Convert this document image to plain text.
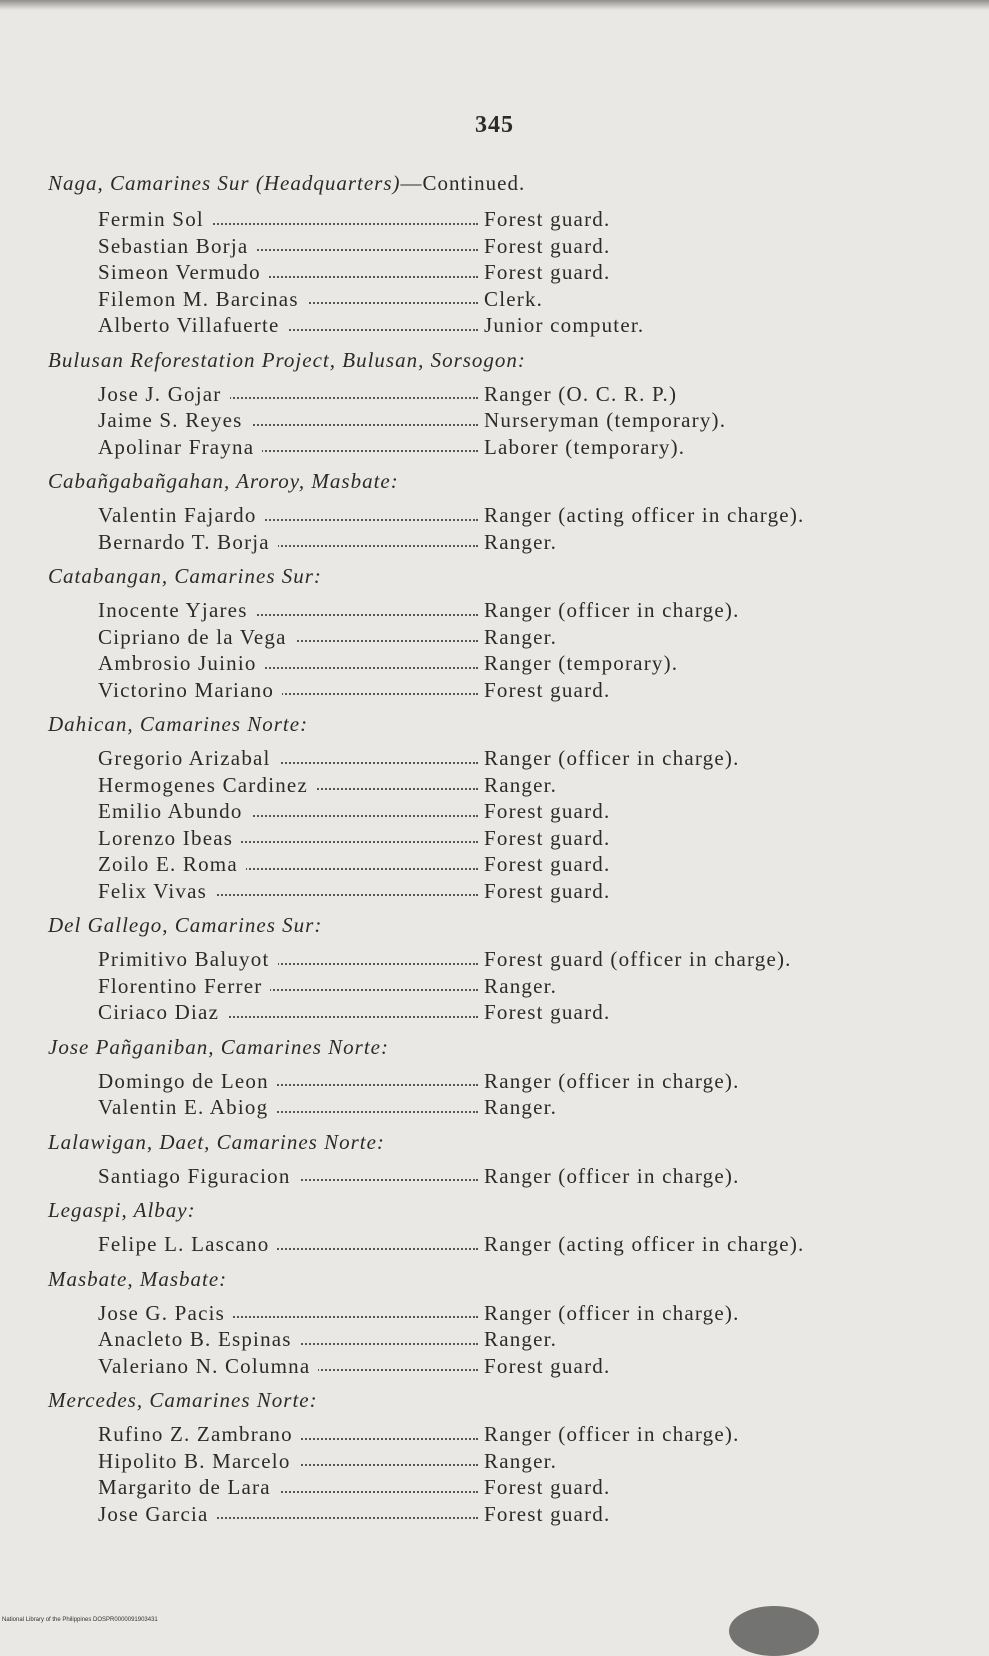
345
Naga, Camarines Sur (Headquarters)—Continued.
Fermin Sol	Forest guard.
Sebastian Borja	Forest guard.
Simeon Vermudo	Forest guard.
Filemon M. Barcinas	Clerk.
Alberto Villafuerte	Junior computer.
Bulusan Reforestation Project, Bulusan, Sorsogon:
Jose J. Gojar	Ranger (O. C. R. P.)
Jaime S. Reyes	Nurseryman (temporary).
Apolinar Frayna	Laborer (temporary).
Cabañgabañgahan, Aroroy, Masbate:
Valentin Fajardo	Ranger (acting officer in charge).
Bernardo T. Borja	Ranger.
Catabangan, Camarines Sur:
Inocente Yjares	Ranger (officer in charge).
Cipriano de la Vega	Ranger.
Ambrosio Juinio	Ranger (temporary).
Victorino Mariano	Forest guard.
Dahican, Camarines Norte:
Gregorio Arizabal	Ranger (officer in charge).
Hermogenes Cardinez	Ranger.
Emilio Abundo	Forest guard.
Lorenzo Ibeas	Forest guard.
Zoilo E. Roma	Forest guard.
Felix Vivas	Forest guard.
Del Gallego, Camarines Sur:
Primitivo Baluyot	Forest guard (officer in charge).
Florentino Ferrer	Ranger.
Ciriaco Diaz	Forest guard.
Jose Pañganiban, Camarines Norte:
Domingo de Leon	Ranger (officer in charge).
Valentin E. Abiog	Ranger.
Lalawigan, Daet, Camarines Norte:
Santiago Figuracion	Ranger (officer in charge).
Legaspi, Albay:
Felipe L. Lascano	Ranger (acting officer in charge).
Masbate, Masbate:
Jose G. Pacis	Ranger (officer in charge).
Anacleto B. Espinas	Ranger.
Valeriano N. Columna	Forest guard.
Mercedes, Camarines Norte:
Rufino Z. Zambrano	Ranger (officer in charge).
Hipolito B. Marcelo	Ranger.
Margarito de Lara	Forest guard.
Jose Garcia	Forest guard.
National Library of the Philippines DOSPR0000091903431
